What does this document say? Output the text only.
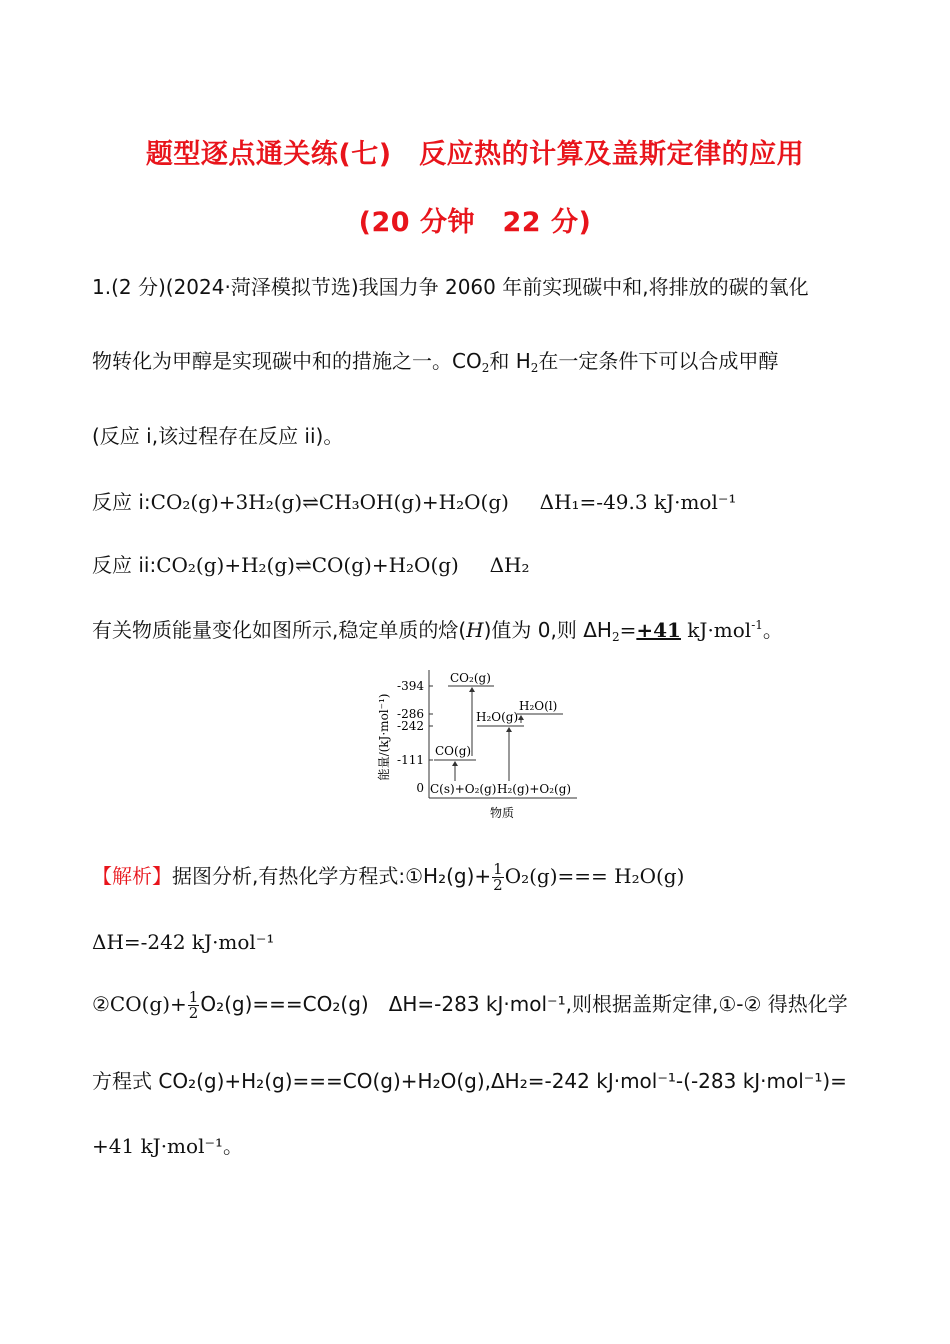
题型逐点通关练(七)　反应热的计算及盖斯定律的应用
(20 分钟　22 分)
1.(2 分)(2024·菏泽模拟节选)我国力争 2060 年前实现碳中和,将排放的碳的氧化
物转化为甲醇是实现碳中和的措施之一。$CO_2$和 $H_2$在一定条件下可以合成甲醇
(反应 i,该过程存在反应 ii)。
反应 i:CO₂(g)+3H₂(g)⇌CH₃OH(g)+H₂O(g) ΔH₁=-49.3 kJ·mol⁻¹
反应 ii:CO₂(g)+H₂(g)⇌CO(g)+H₂O(g) ΔH₂
有关物质能量变化如图所示,稳定单质的焓(H)值为 0,则 $\Delta H_2=+41$ kJ·mol$^{-1}$。
能量/(kJ·mol⁻¹)
-394
-286
-242
-111
0
CO₂(g)
H₂O(l)
H₂O(g)
CO(g)
C(s)+O₂(g) H₂(g)+O₂(g)
物质
【解析】据图分析,有热化学方程式:①H₂(g)+ $\frac{1}{2} O_2(g)=== H_2O(g)$
ΔH=-242 kJ·mol⁻¹
②CO(g)+ $\frac{1}{2} O_2(g)===CO_2(g)$　ΔH=-283 kJ·mol⁻¹,则根据盖斯定律,①-② 得热化学
方程式 CO₂(g)+H₂(g)===CO(g)+H₂O(g),ΔH₂=-242 kJ·mol⁻¹-(-283 kJ·mol⁻¹)=
+41 kJ·mol⁻¹。
